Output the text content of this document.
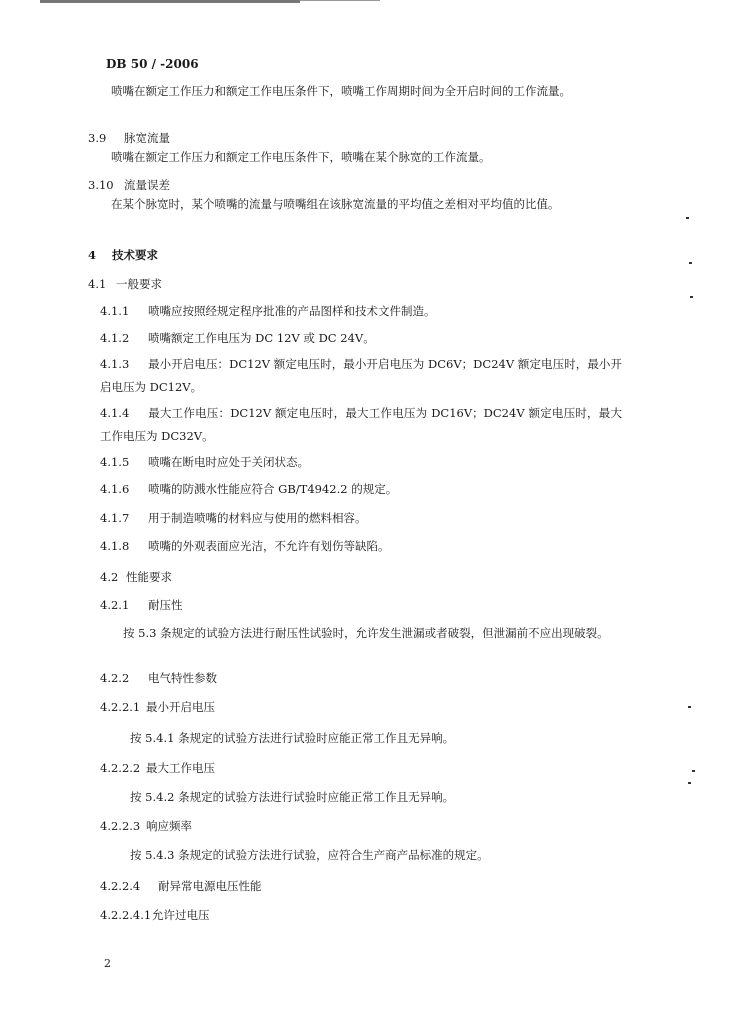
DB 50 / -2006
喷嘴在额定工作压力和额定工作电压条件下，喷嘴工作周期时间为全开启时间的工作流量。
3.9 脉宽流量
喷嘴在额定工作压力和额定工作电压条件下，喷嘴在某个脉宽的工作流量。
3.10 流量误差
在某个脉宽时，某个喷嘴的流量与喷嘴组在该脉宽流量的平均值之差相对平均值的比值。
4 技术要求
4.1 一般要求
4.1.1 喷嘴应按照经规定程序批准的产品图样和技术文件制造。
4.1.2 喷嘴额定工作电压为 DC 12V 或 DC 24V。
4.1.3 最小开启电压：DC12V 额定电压时，最小开启电压为 DC6V；DC24V 额定电压时，最小开启电压为 DC12V。
4.1.4 最大工作电压：DC12V 额定电压时，最大工作电压为 DC16V；DC24V 额定电压时，最大工作电压为 DC32V。
4.1.5 喷嘴在断电时应处于关闭状态。
4.1.6 喷嘴的防溅水性能应符合 GB/T4942.2 的规定。
4.1.7 用于制造喷嘴的材料应与使用的燃料相容。
4.1.8 喷嘴的外观表面应光洁，不允许有划伤等缺陷。
4.2 性能要求
4.2.1 耐压性
按 5.3 条规定的试验方法进行耐压性试验时，允许发生泄漏或者破裂，但泄漏前不应出现破裂。
4.2.2 电气特性参数
4.2.2.1 最小开启电压
按 5.4.1 条规定的试验方法进行试验时应能正常工作且无异响。
4.2.2.2 最大工作电压
按 5.4.2 条规定的试验方法进行试验时应能正常工作且无异响。
4.2.2.3 响应频率
按 5.4.3 条规定的试验方法进行试验，应符合生产商产品标准的规定。
4.2.2.4 耐异常电源电压性能
4.2.2.4.1允许过电压
2
